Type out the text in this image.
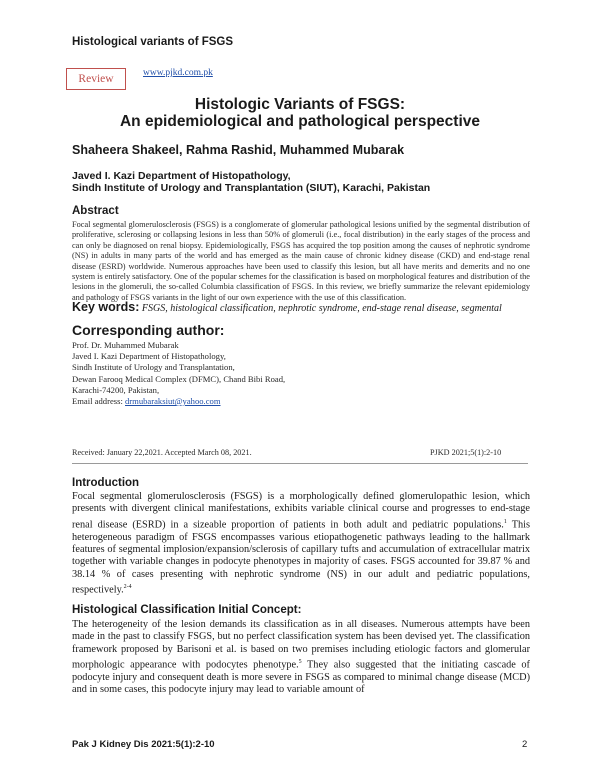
Histological variants of FSGS
Review	www.pjkd.com.pk
Histologic Variants of FSGS:
An epidemiological and pathological perspective
Shaheera Shakeel, Rahma Rashid, Muhammed Mubarak
Javed I. Kazi Department of Histopathology,
Sindh Institute of Urology and Transplantation (SIUT), Karachi, Pakistan
Abstract
Focal segmental glomerulosclerosis (FSGS) is a conglomerate of glomerular pathological lesions unified by the segmental distribution of proliferative, sclerosing or collapsing lesions in less than 50% of glomeruli (i.e., focal distribution) in the early stages of the process and can only be diagnosed on renal biopsy. Epidemiologically, FSGS has acquired the top position among the causes of nephrotic syndrome (NS) in adults in many parts of the world and has emerged as the main cause of chronic kidney disease (CKD) and end-stage renal disease (ESRD) worldwide. Numerous approaches have been used to classify this lesion, but all have merits and demerits and no one system is entirely satisfactory. One of the popular schemes for the classification is based on morphological features and distribution of the lesions in the glomeruli, the so-called Columbia classification of FSGS. In this review, we briefly summarize the relevant epidemiology and pathology of FSGS variants in the light of our own experience with the use of this classification.
Key words: FSGS, histological classification, nephrotic syndrome, end-stage renal disease, segmental
Corresponding author:
Prof. Dr. Muhammed Mubarak
Javed I. Kazi Department of Histopathology,
Sindh Institute of Urology and Transplantation,
Dewan Farooq Medical Complex (DFMC), Chand Bibi Road,
Karachi-74200, Pakistan,
Email address: drmubaraksiut@yahoo.com
Received: January 22,2021. Accepted March 08, 2021.	PJKD 2021;5(1):2-10
Introduction
Focal segmental glomerulosclerosis (FSGS) is a morphologically defined glomerulopathic lesion, which presents with divergent clinical manifestations, exhibits variable clinical course and progresses to end-stage renal disease (ESRD) in a sizeable proportion of patients in both adult and pediatric populations.$^1$ This heterogeneous paradigm of FSGS encompasses various etiopathogenetic pathways leading to the hallmark features of segmental implosion/expansion/sclerosis of capillary tufts and accumulation of extracellular matrix together with variable changes in podocyte phenotypes in majority of cases. FSGS accounted for 39.87 % and 38.14 % of cases presenting with nephrotic syndrome (NS) in our adult and pediatric populations, respectively.$^{2-4}$
Histological Classification Initial Concept:
The heterogeneity of the lesion demands its classification as in all diseases. Numerous attempts have been made in the past to classify FSGS, but no perfect classification system has been devised yet. The classification framework proposed by Barisoni et al. is based on two premises including etiologic factors and glomerular morphologic appearance with podocytes phenotype.$^5$ They also suggested that the initiating cascade of podocyte injury and consequent death is more severe in FSGS as compared to minimal change disease (MCD) and in some cases, this podocyte injury may lead to variable amount of
Pak J Kidney Dis 2021:5(1):2-10	2
